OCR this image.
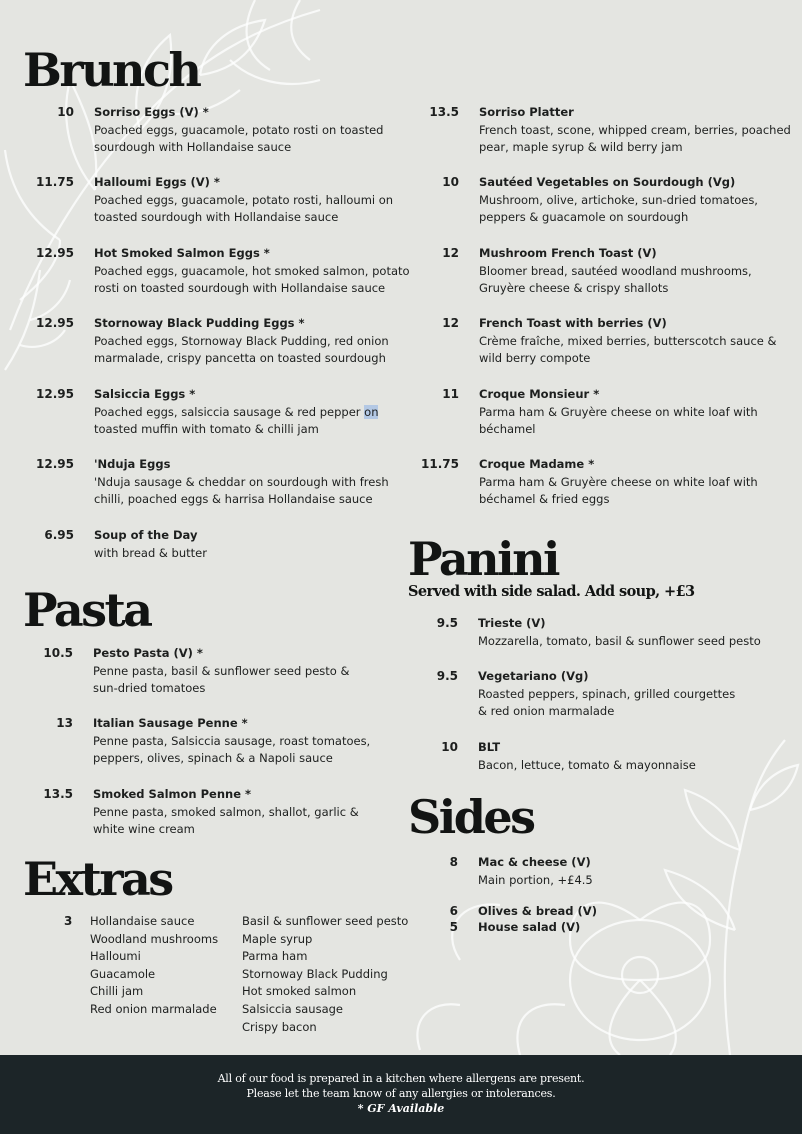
Brunch
10 Sorriso Eggs (V) *
Poached eggs, guacamole, potato rosti on toasted
sourdough with Hollandaise sauce
11.75 Halloumi Eggs (V) *
Poached eggs, guacamole, potato rosti, halloumi on
toasted sourdough with Hollandaise sauce
12.95 Hot Smoked Salmon Eggs *
Poached eggs, guacamole, hot smoked salmon, potato
rosti on toasted sourdough with Hollandaise sauce
12.95 Stornoway Black Pudding Eggs *
Poached eggs, Stornoway Black Pudding, red onion
marmalade, crispy pancetta on toasted sourdough
12.95 Salsiccia Eggs *
Poached eggs, salsiccia sausage & red pepper on
toasted muffin with tomato & chilli jam
12.95 'Nduja Eggs
'Nduja sausage & cheddar on sourdough with fresh
chilli, poached eggs & harrisa Hollandaise sauce
6.95 Soup of the Day
with bread & butter
13.5 Sorriso Platter
French toast, scone, whipped cream, berries, poached
pear, maple syrup & wild berry jam
10 Sautéed Vegetables on Sourdough (Vg)
Mushroom, olive, artichoke, sun-dried tomatoes,
peppers & guacamole on sourdough
12 Mushroom French Toast (V)
Bloomer bread, sautéed woodland mushrooms,
Gruyère cheese & crispy shallots
12 French Toast with berries (V)
Crème fraîche, mixed berries, butterscotch sauce &
wild berry compote
11 Croque Monsieur *
Parma ham & Gruyère cheese on white loaf with
béchamel
11.75 Croque Madame *
Parma ham & Gruyère cheese on white loaf with
béchamel & fried eggs
Pasta
10.5 Pesto Pasta (V) *
Penne pasta, basil & sunflower seed pesto &
sun-dried tomatoes
13 Italian Sausage Penne *
Penne pasta, Salsiccia sausage, roast tomatoes,
peppers, olives, spinach & a Napoli sauce
13.5 Smoked Salmon Penne *
Penne pasta, smoked salmon, shallot, garlic &
white wine cream
Extras
3 Hollandaise sauce
Woodland mushrooms
Halloumi
Guacamole
Chilli jam
Red onion marmalade
Basil & sunflower seed pesto
Maple syrup
Parma ham
Stornoway Black Pudding
Hot smoked salmon
Salsiccia sausage
Crispy bacon
Panini
Served with side salad. Add soup, +£3
9.5 Trieste (V)
Mozzarella, tomato, basil & sunflower seed pesto
9.5 Vegetariano (Vg)
Roasted peppers, spinach, grilled courgettes
& red onion marmalade
10 BLT
Bacon, lettuce, tomato & mayonnaise
Sides
8 Mac & cheese (V)
Main portion, +£4.5
6 Olives & bread (V)
5 House salad (V)
All of our food is prepared in a kitchen where allergens are present.
Please let the team know of any allergies or intolerances.
* GF Available
